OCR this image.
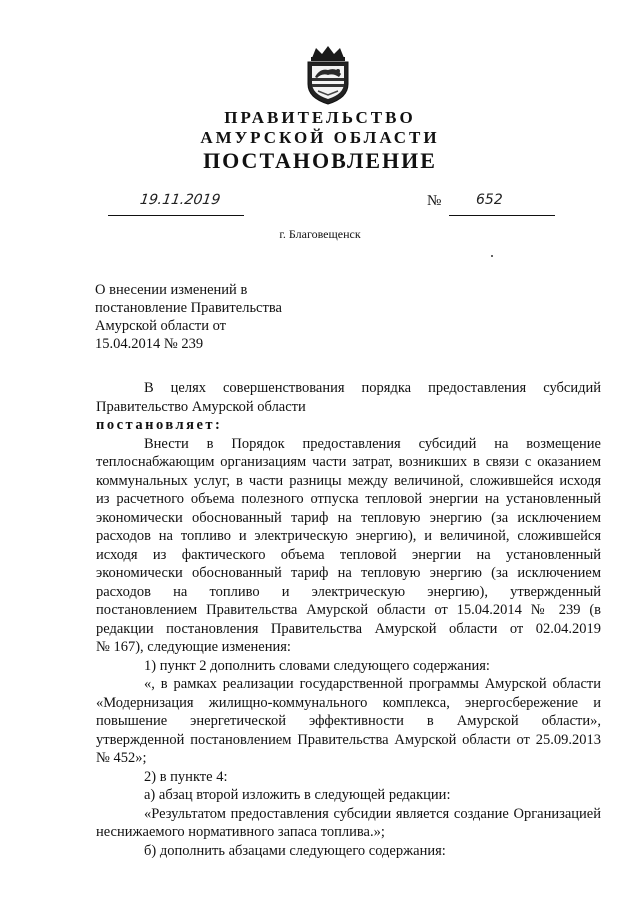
ПРАВИТЕЛЬСТВО
АМУРСКОЙ ОБЛАСТИ
ПОСТАНОВЛЕНИЕ
19.11.2019	№ 652
г. Благовещенск
О внесении изменений в
постановление Правительства
Амурской области от
15.04.2014 № 239
В целях совершенствования порядка предоставления субсидий
Правительство Амурской области
постановляет:
Внести в Порядок предоставления субсидий на возмещение
теплоснабжающим организациям части затрат, возникших в связи с оказанием
коммунальных услуг, в части разницы между величиной, сложившейся исходя
из расчетного объема полезного отпуска тепловой энергии на установленный
экономически обоснованный тариф на тепловую энергию (за исключением
расходов на топливо и электрическую энергию), и величиной, сложившейся
исходя из фактического объема тепловой энергии на установленный
экономически обоснованный тариф на тепловую энергию (за исключением
расходов на топливо и электрическую энергию), утвержденный
постановлением Правительства Амурской области от 15.04.2014 № 239 (в
редакции постановления Правительства Амурской области от 02.04.2019
№ 167), следующие изменения:
1) пункт 2 дополнить словами следующего содержания:
«, в рамках реализации государственной программы Амурской области
«Модернизация жилищно-коммунального комплекса, энергосбережение и
повышение энергетической эффективности в Амурской области»,
утвержденной постановлением Правительства Амурской области от 25.09.2013
№ 452»;
2) в пункте 4:
а) абзац второй изложить в следующей редакции:
«Результатом предоставления субсидии является создание Организацией
неснижаемого нормативного запаса топлива.»;
б) дополнить абзацами следующего содержания:
